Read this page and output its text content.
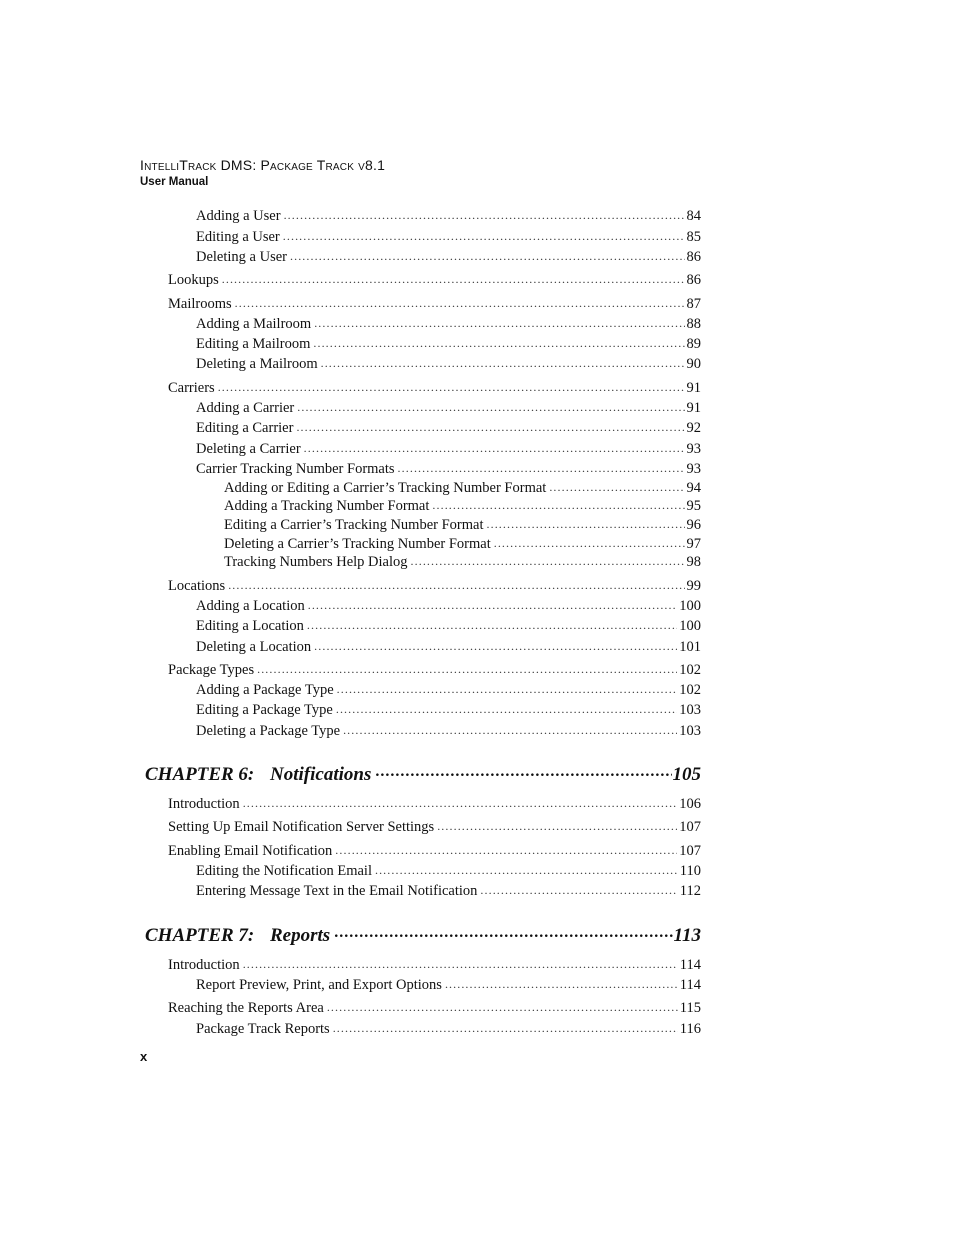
IntelliTrack DMS: Package Track v8.1
User Manual
Adding a User .....	84
Editing a User .....	85
Deleting a User .....	86
Lookups .....	86
Mailrooms .....	87
Adding a Mailroom .....	88
Editing a Mailroom .....	89
Deleting a Mailroom .....	90
Carriers .....	91
Adding a Carrier .....	91
Editing a Carrier .....	92
Deleting a Carrier .....	93
Carrier Tracking Number Formats .....	93
Adding or Editing a Carrier’s Tracking Number Format .....	94
Adding a Tracking Number Format .....	95
Editing a Carrier’s Tracking Number Format .....	96
Deleting a Carrier’s Tracking Number Format .....	97
Tracking Numbers Help Dialog .....	98
Locations .....	99
Adding a Location .....	100
Editing a Location .....	100
Deleting a Location .....	101
Package Types .....	102
Adding a Package Type .....	102
Editing a Package Type .....	103
Deleting a Package Type .....	103
CHAPTER 6: Notifications .....	105
Introduction .....	106
Setting Up Email Notification Server Settings .....	107
Enabling Email Notification .....	107
Editing the Notification Email .....	110
Entering Message Text in the Email Notification .....	112
CHAPTER 7: Reports .....	113
Introduction .....	114
Report Preview, Print, and Export Options .....	114
Reaching the Reports Area .....	115
Package Track Reports .....	116
x
